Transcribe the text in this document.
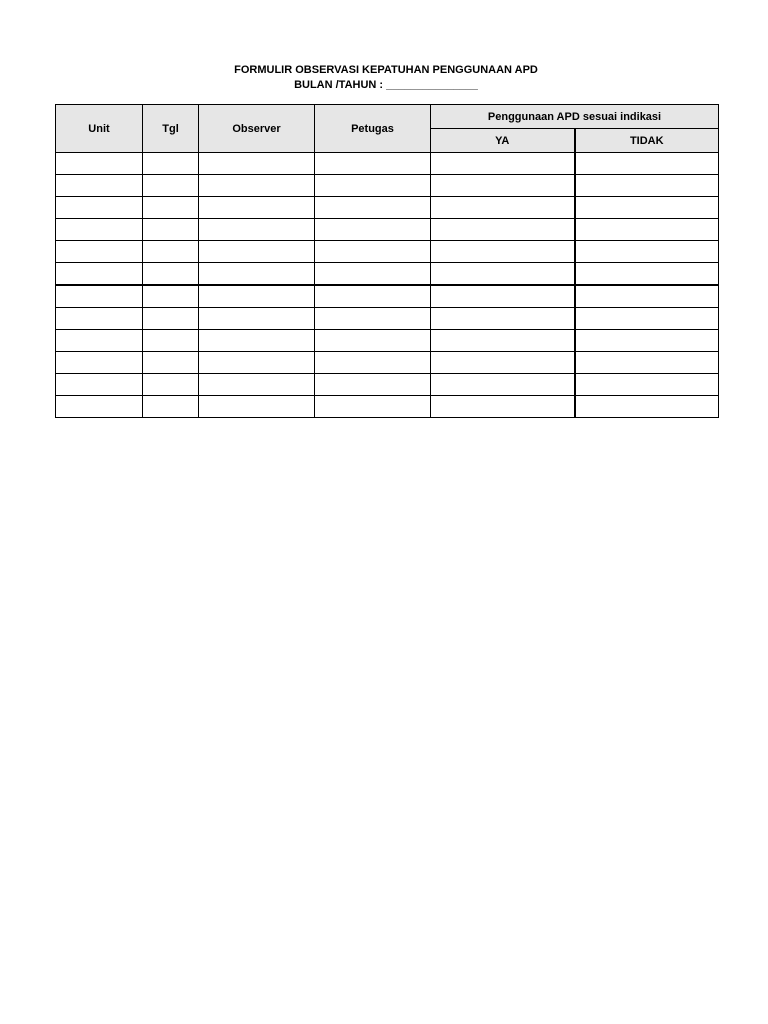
FORMULIR OBSERVASI KEPATUHAN PENGGUNAAN APD
BULAN /TAHUN : _______________
Unit	Tgl	Observer	Petugas	Penggunaan APD sesuai indikasi	
				YA	TIDAK
